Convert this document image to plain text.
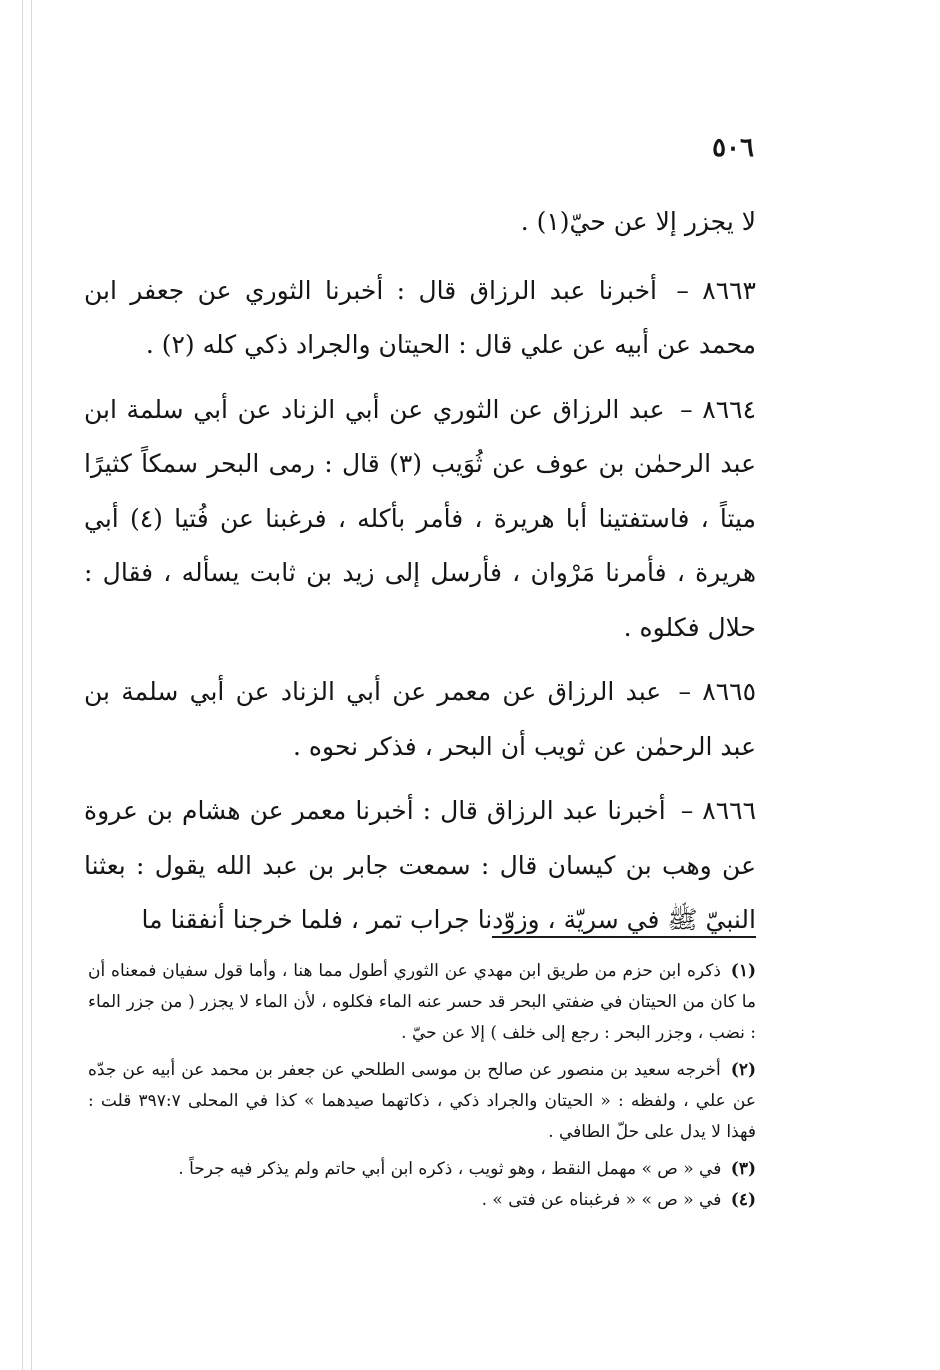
٥٠٦

لا يجزر إلا عن حيّ(١) .

٨٦٦٣ – أخبرنا عبد الرزاق قال : أخبرنا الثوري عن جعفر ابن محمد عن أبيه عن علي قال : الحيتان والجراد ذكي كله (٢) .

٨٦٦٤ – عبد الرزاق عن الثوري عن أبي الزناد عن أبي سلمة ابن عبد الرحمٰن بن عوف عن ثُوَيب (٣) قال : رمى البحر سمكاً كثيرًا ميتاً ، فاستفتينا أبا هريرة ، فأمر بأكله ، فرغبنا عن فُتيا (٤) أبي هريرة ، فأمرنا مَرْوان ، فأرسل إلى زيد بن ثابت يسأله ، فقال : حلال فكلوه .

٨٦٦٥ – عبد الرزاق عن معمر عن أبي الزناد عن أبي سلمة بن عبد الرحمٰن عن ثويب أن البحر ، فذكر نحوه .

٨٦٦٦ – أخبرنا عبد الرزاق قال : أخبرنا معمر عن هشام بن عروة عن وهب بن كيسان قال : سمعت جابر بن عبد الله يقول : بعثنا النبيّ ﷺ في سريّة ، وزوّدنا جراب تمر ، فلما خرجنا أنفقنا ما

(١) ذكره ابن حزم من طريق ابن مهدي عن الثوري أطول مما هنا ، وأما قول سفيان فمعناه أن ما كان من الحيتان في ضفتي البحر قد حسر عنه الماء فكلوه ، لأن الماء لا يجزر ( من جزر الماء : نضب ، وجزر البحر : رجع إلى خلف ) إلا عن حيّ .

(٢) أخرجه سعيد بن منصور عن صالح بن موسى الطلحي عن جعفر بن محمد عن أبيه عن جدّه عن علي ، ولفظه : « الحيتان والجراد ذكي ، ذكاتهما صيدهما » كذا في المحلى ٣٩٧:٧ قلت : فهذا لا يدل على حلّ الطافي .

(٣) في « ص » مهمل النقط ، وهو ثويب ، ذكره ابن أبي حاتم ولم يذكر فيه جرحاً .

(٤) في « ص » « فرغبناه عن فتى » .
